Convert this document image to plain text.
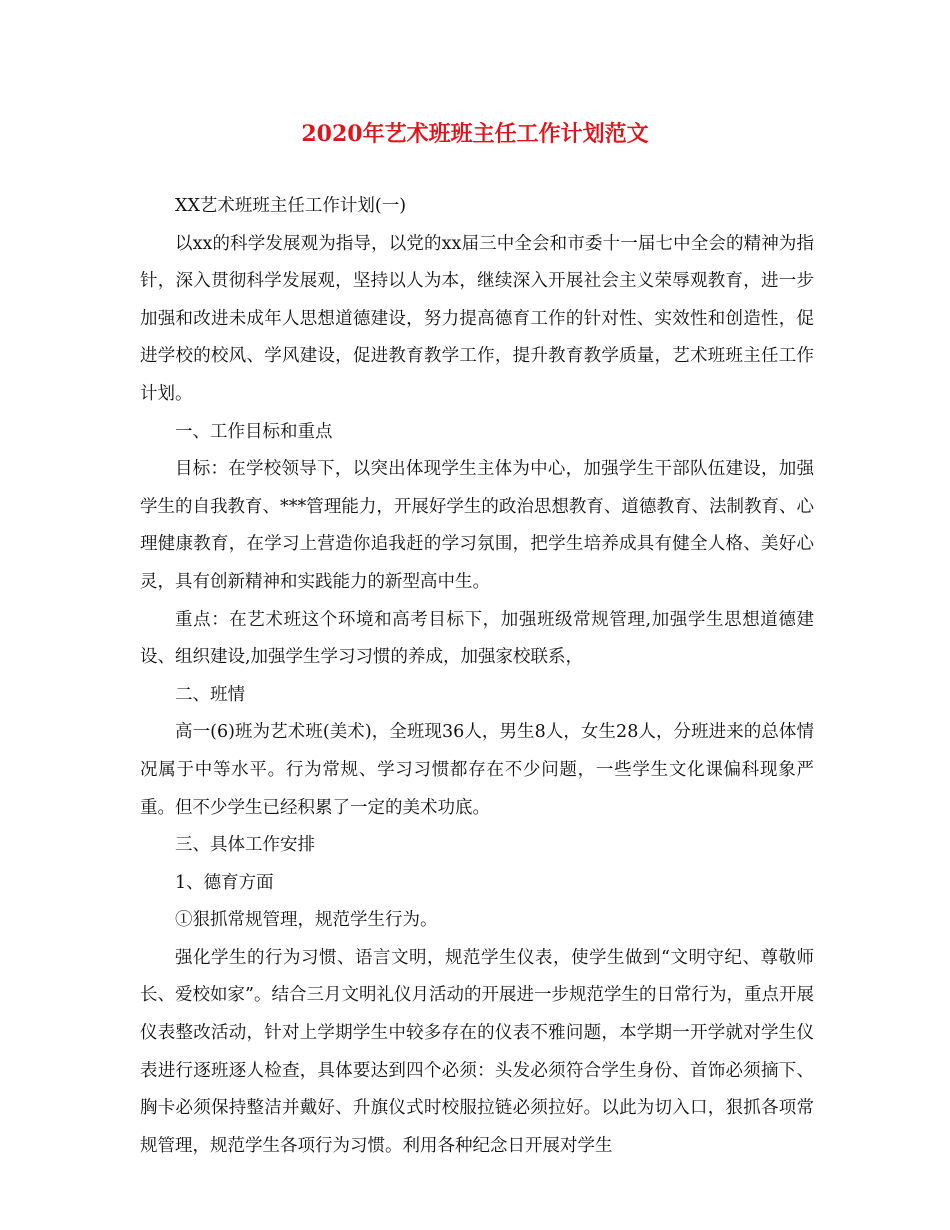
2020年艺术班班主任工作计划范文

XX艺术班班主任工作计划(一)

以xx的科学发展观为指导，以党的xx届三中全会和市委十一届七中全会的精神为指针，深入贯彻科学发展观，坚持以人为本，继续深入开展社会主义荣辱观教育，进一步加强和改进未成年人思想道德建设，努力提高德育工作的针对性、实效性和创造性，促进学校的校风、学风建设，促进教育教学工作，提升教育教学质量，艺术班班主任工作计划。

一、工作目标和重点

目标：在学校领导下，以突出体现学生主体为中心，加强学生干部队伍建设，加强学生的自我教育、***管理能力，开展好学生的政治思想教育、道德教育、法制教育、心理健康教育，在学习上营造你追我赶的学习氛围，把学生培养成具有健全人格、美好心灵，具有创新精神和实践能力的新型高中生。

重点：在艺术班这个环境和高考目标下，加强班级常规管理,加强学生思想道德建设、组织建设,加强学生学习习惯的养成，加强家校联系，

二、班情

高一(6)班为艺术班(美术)，全班现36人，男生8人，女生28人，分班进来的总体情况属于中等水平。行为常规、学习习惯都存在不少问题，一些学生文化课偏科现象严重。但不少学生已经积累了一定的美术功底。

三、具体工作安排

1、德育方面

①狠抓常规管理，规范学生行为。

强化学生的行为习惯、语言文明，规范学生仪表，使学生做到“文明守纪、尊敬师长、爱校如家”。结合三月文明礼仪月活动的开展进一步规范学生的日常行为，重点开展仪表整改活动，针对上学期学生中较多存在的仪表不雅问题，本学期一开学就对学生仪表进行逐班逐人检查，具体要达到四个必须：头发必须符合学生身份、首饰必须摘下、胸卡必须保持整洁并戴好、升旗仪式时校服拉链必须拉好。以此为切入口，狠抓各项常规管理，规范学生各项行为习惯。利用各种纪念日开展对学生
